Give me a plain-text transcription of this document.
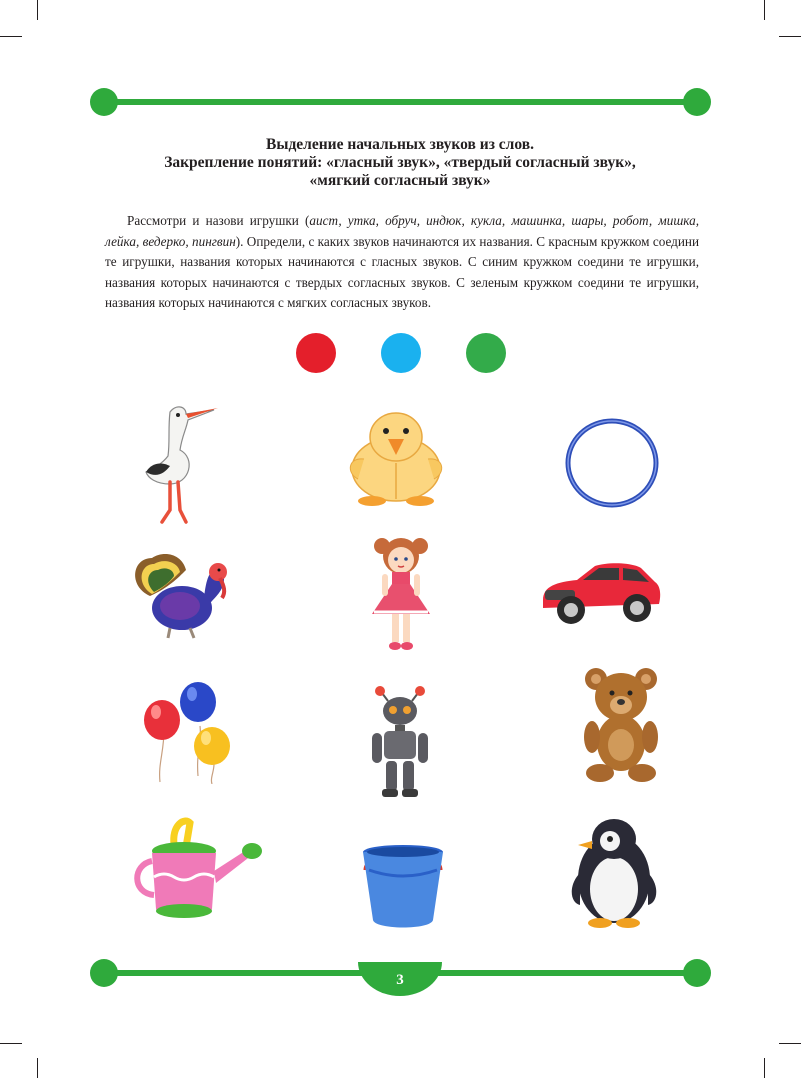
Выделение начальных звуков из слов.
Закрепление понятий: «гласный звук», «твердый согласный звук»,
«мягкий согласный звук»

Рассмотри и назови игрушки (аист, утка, обруч, индюк, кукла, машинка, шары, робот, мишка, лейка, ведерко, пингвин). Определи, с каких звуков начинаются их названия. С красным кружком соедини те игрушки, названия которых начинаются с гласных звуков. С синим кружком соедини те игрушки, названия которых начинаются с твердых согласных звуков. С зеленым кружком соедини те игрушки, названия которых начинаются с мягких согласных звуков.

3
